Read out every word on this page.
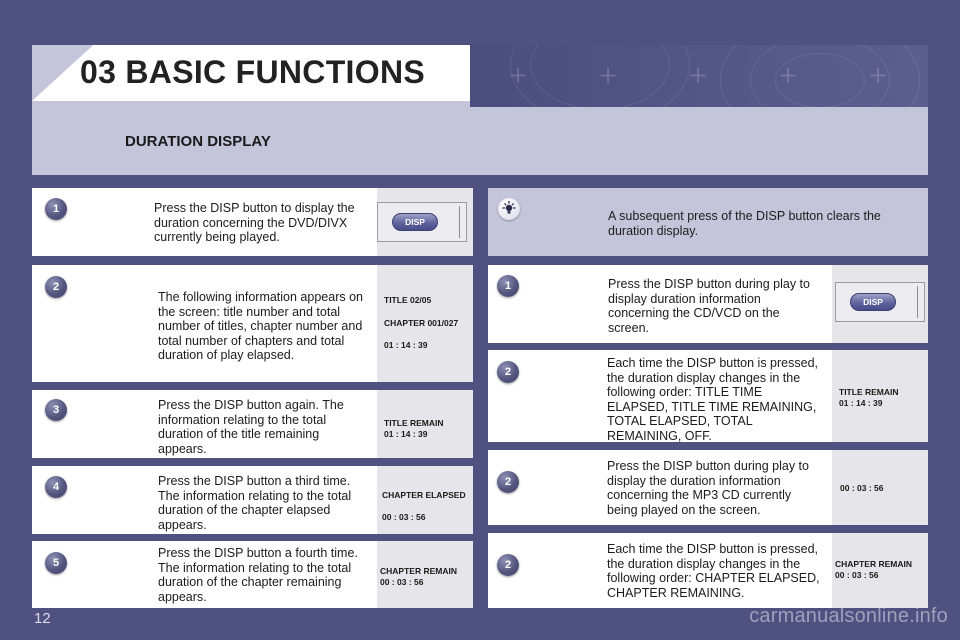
+	+	+	+	+
03 BASIC FUNCTIONS
DURATION DISPLAY
1	Press the DISP button to display the duration concerning the DVD/DIVX currently being played.
DISP
2
The following information appears on the screen: title number and total number of titles, chapter number and total number of chapters and total duration of play elapsed.
TITLE 02/05
CHAPTER 001/027
01 : 14 : 39
3	Press the DISP button again. The information relating to the total duration of the title remaining appears.
TITLE REMAIN
01 : 14 : 39
4	Press the DISP button a third time. The information relating to the total duration of the chapter elapsed appears.
CHAPTER ELAPSED
00 : 03 : 56
5
Press the DISP button a fourth time. The information relating to the total duration of the chapter remaining appears.
CHAPTER REMAIN
00 : 03 : 56
A subsequent press of the DISP button clears the duration display.
1	Press the DISP button during play to display duration information concerning the CD/VCD on the screen.
DISP
2
Each time the DISP button is pressed, the duration display changes in the following order: TITLE TIME ELAPSED, TITLE TIME REMAINING, TOTAL ELAPSED, TOTAL REMAINING, OFF.
TITLE REMAIN
01 : 14 : 39
2
Press the DISP button during play to display the duration information concerning the MP3 CD currently being played on the screen.
00 : 03 : 56
2
Each time the DISP button is pressed, the duration display changes in the following order: CHAPTER ELAPSED, CHAPTER REMAINING.
CHAPTER REMAIN
00 : 03 : 56
12	carmanualsonline.info
